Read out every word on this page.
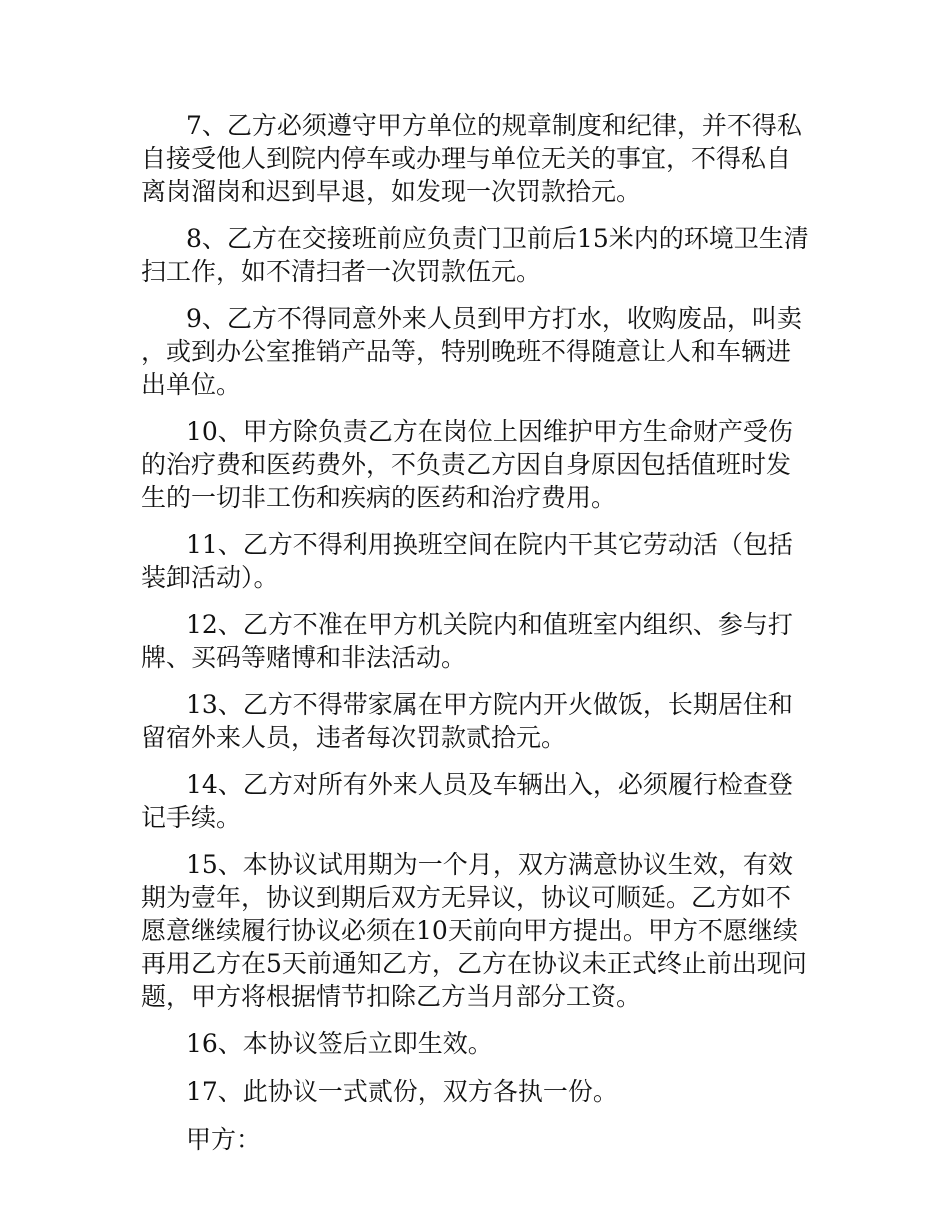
7、乙方必须遵守甲方单位的规章制度和纪律，并不得私自接受他人到院内停车或办理与单位无关的事宜，不得私自离岗溜岗和迟到早退，如发现一次罚款拾元。

8、乙方在交接班前应负责门卫前后15米内的环境卫生清扫工作，如不清扫者一次罚款伍元。

9、乙方不得同意外来人员到甲方打水，收购废品，叫卖，或到办公室推销产品等，特别晚班不得随意让人和车辆进出单位。

10、甲方除负责乙方在岗位上因维护甲方生命财产受伤的治疗费和医药费外，不负责乙方因自身原因包括值班时发生的一切非工伤和疾病的医药和治疗费用。

11、乙方不得利用换班空间在院内干其它劳动活（包括装卸活动）。

12、乙方不准在甲方机关院内和值班室内组织、参与打牌、买码等赌博和非法活动。

13、乙方不得带家属在甲方院内开火做饭，长期居住和留宿外来人员，违者每次罚款贰拾元。

14、乙方对所有外来人员及车辆出入，必须履行检查登记手续。

15、本协议试用期为一个月，双方满意协议生效，有效期为壹年，协议到期后双方无异议，协议可顺延。乙方如不愿意继续履行协议必须在10天前向甲方提出。甲方不愿继续再用乙方在5天前通知乙方，乙方在协议未正式终止前出现问题，甲方将根据情节扣除乙方当月部分工资。

16、本协议签后立即生效。

17、此协议一式贰份，双方各执一份。

甲方：
